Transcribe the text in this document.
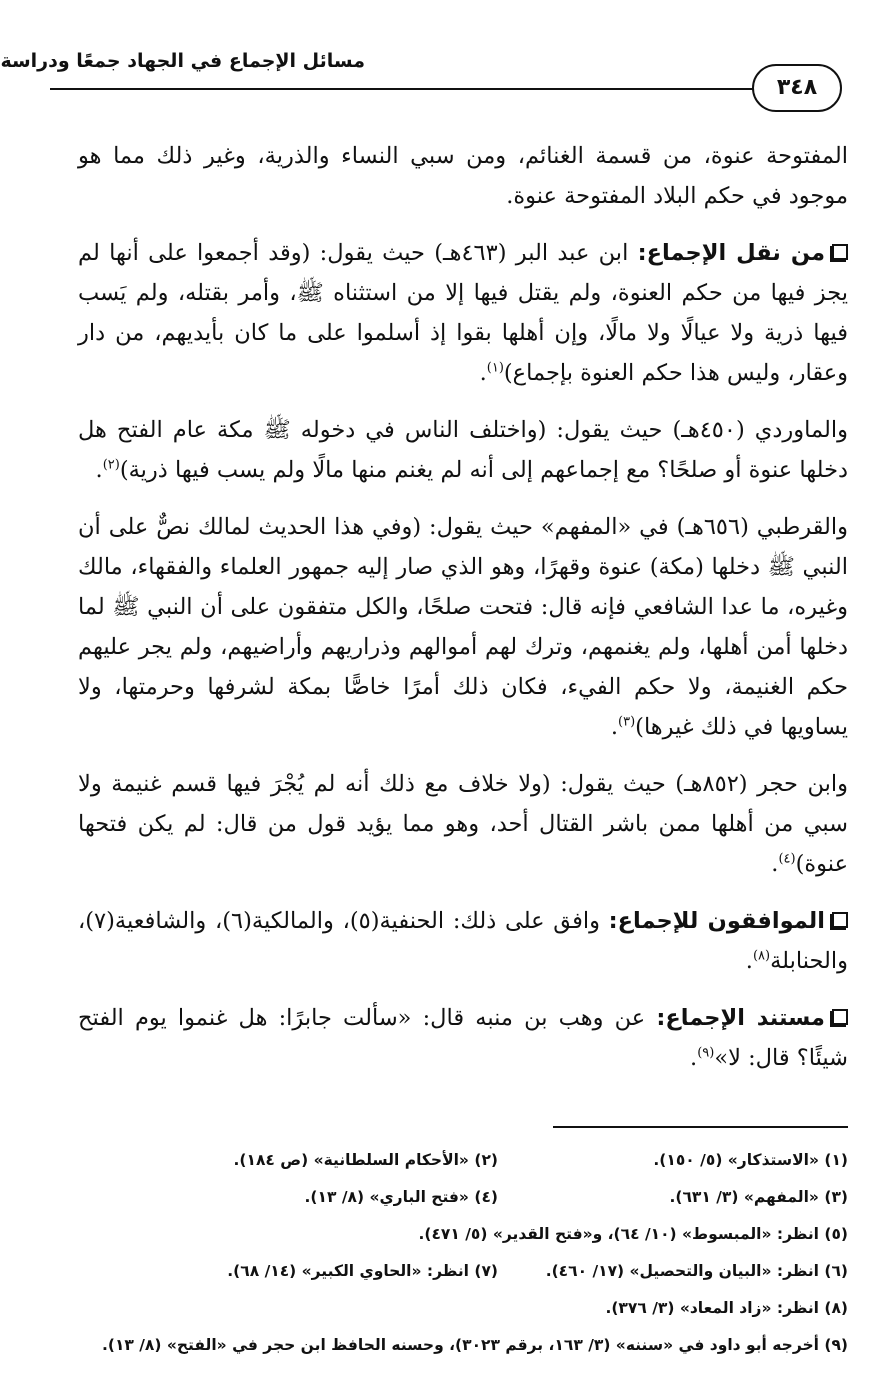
مسائل الإجماع في الجهاد جمعًا ودراسة
٣٤٨

المفتوحة عنوة، من قسمة الغنائم، ومن سبي النساء والذرية، وغير ذلك مما هو موجود في حكم البلاد المفتوحة عنوة.

من نقل الإجماع: ابن عبد البر (٤٦٣هـ) حيث يقول: (وقد أجمعوا على أنها لم يجز فيها من حكم العنوة، ولم يقتل فيها إلا من استثناه ﷺ، وأمر بقتله، ولم يَسب فيها ذرية ولا عيالًا ولا مالًا، وإن أهلها بقوا إذ أسلموا على ما كان بأيديهم، من دار وعقار، وليس هذا حكم العنوة بإجماع)$^{(١)}$.

والماوردي (٤٥٠هـ) حيث يقول: (واختلف الناس في دخوله ﷺ مكة عام الفتح هل دخلها عنوة أو صلحًا؟ مع إجماعهم إلى أنه لم يغنم منها مالًا ولم يسب فيها ذرية)$^{(٢)}$.

والقرطبي (٦٥٦هـ) في «المفهم» حيث يقول: (وفي هذا الحديث لمالك نصٌّ على أن النبي ﷺ دخلها (مكة) عنوة وقهرًا، وهو الذي صار إليه جمهور العلماء والفقهاء، مالك وغيره، ما عدا الشافعي فإنه قال: فتحت صلحًا، والكل متفقون على أن النبي ﷺ لما دخلها أمن أهلها، ولم يغنمهم، وترك لهم أموالهم وذراريهم وأراضيهم، ولم يجر عليهم حكم الغنيمة، ولا حكم الفيء، فكان ذلك أمرًا خاصًّا بمكة لشرفها وحرمتها، ولا يساويها في ذلك غيرها)$^{(٣)}$.

وابن حجر (٨٥٢هـ) حيث يقول: (ولا خلاف مع ذلك أنه لم يُجْرَ فيها قسم غنيمة ولا سبي من أهلها ممن باشر القتال أحد، وهو مما يؤيد قول من قال: لم يكن فتحها عنوة)$^{(٤)}$.

الموافقون للإجماع: وافق على ذلك: الحنفية(٥)، والمالكية(٦)، والشافعية(٧)، والحنابلة$^{(٨)}$.

مستند الإجماع: عن وهب بن منبه قال: «سألت جابرًا: هل غنموا يوم الفتح شيئًا؟ قال: لا»$^{(٩)}$.

(١) «الاستذكار» (٥/ ١٥٠).
(٢) «الأحكام السلطانية» (ص ١٨٤).
(٣) «المفهم» (٣/ ٦٣١).
(٤) «فتح الباري» (٨/ ١٣).
(٥) انظر: «المبسوط» (١٠/ ٦٤)، و«فتح القدير» (٥/ ٤٧١).
(٦) انظر: «البيان والتحصيل» (١٧/ ٤٦٠).
(٧) انظر: «الحاوي الكبير» (١٤/ ٦٨).
(٨) انظر: «زاد المعاد» (٣/ ٣٧٦).
(٩) أخرجه أبو داود في «سننه» (٣/ ١٦٣، برقم ٣٠٢٣)، وحسنه الحافظ ابن حجر في «الفتح» (٨/ ١٣).
